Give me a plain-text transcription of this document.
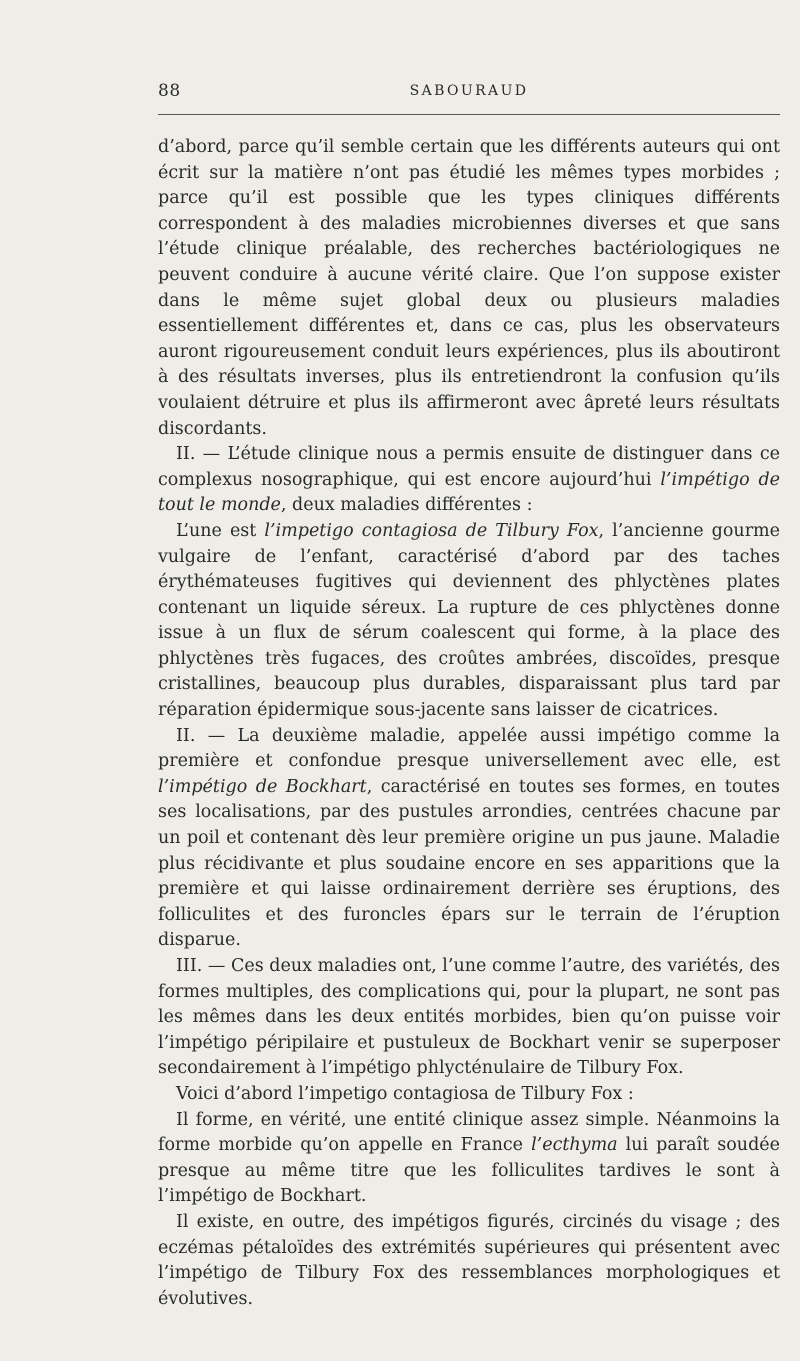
88	SABOURAUD

d’abord, parce qu’il semble certain que les différents auteurs qui ont écrit sur la matière n’ont pas étudié les mêmes types morbides ; parce qu’il est possible que les types cliniques différents correspondent à des maladies microbiennes diverses et que sans l’étude clinique préalable, des recherches bactériologiques ne peuvent conduire à aucune vérité claire. Que l’on suppose exister dans le même sujet global deux ou plusieurs maladies essentiellement différentes et, dans ce cas, plus les observateurs auront rigoureusement conduit leurs expériences, plus ils aboutiront à des résultats inverses, plus ils entretiendront la confusion qu’ils voulaient détruire et plus ils affirmeront avec âpreté leurs résultats discordants.

II. — L’étude clinique nous a permis ensuite de distinguer dans ce complexus nosographique, qui est encore aujourd’hui l’impétigo de tout le monde, deux maladies différentes :

L’une est l’impetigo contagiosa de Tilbury Fox, l’ancienne gourme vulgaire de l’enfant, caractérisé d’abord par des taches érythémateuses fugitives qui deviennent des phlyctènes plates contenant un liquide séreux. La rupture de ces phlyctènes donne issue à un flux de sérum coalescent qui forme, à la place des phlyctènes très fugaces, des croûtes ambrées, discoïdes, presque cristallines, beaucoup plus durables, disparaissant plus tard par réparation épidermique sous-jacente sans laisser de cicatrices.

II. — La deuxième maladie, appelée aussi impétigo comme la première et confondue presque universellement avec elle, est l’impétigo de Bockhart, caractérisé en toutes ses formes, en toutes ses localisations, par des pustules arrondies, centrées chacune par un poil et contenant dès leur première origine un pus jaune. Maladie plus récidivante et plus soudaine encore en ses apparitions que la première et qui laisse ordinairement derrière ses éruptions, des folliculites et des furoncles épars sur le terrain de l’éruption disparue.

III. — Ces deux maladies ont, l’une comme l’autre, des variétés, des formes multiples, des complications qui, pour la plupart, ne sont pas les mêmes dans les deux entités morbides, bien qu’on puisse voir l’impétigo péripilaire et pustuleux de Bockhart venir se superposer secondairement à l’impétigo phlycténulaire de Tilbury Fox.

Voici d’abord l’impetigo contagiosa de Tilbury Fox :

Il forme, en vérité, une entité clinique assez simple. Néanmoins la forme morbide qu’on appelle en France l’ecthyma lui paraît soudée presque au même titre que les folliculites tardives le sont à l’impétigo de Bockhart.

Il existe, en outre, des impétigos figurés, circinés du visage ; des eczémas pétaloïdes des extrémités supérieures qui présentent avec l’impétigo de Tilbury Fox des ressemblances morphologiques et évolutives.
